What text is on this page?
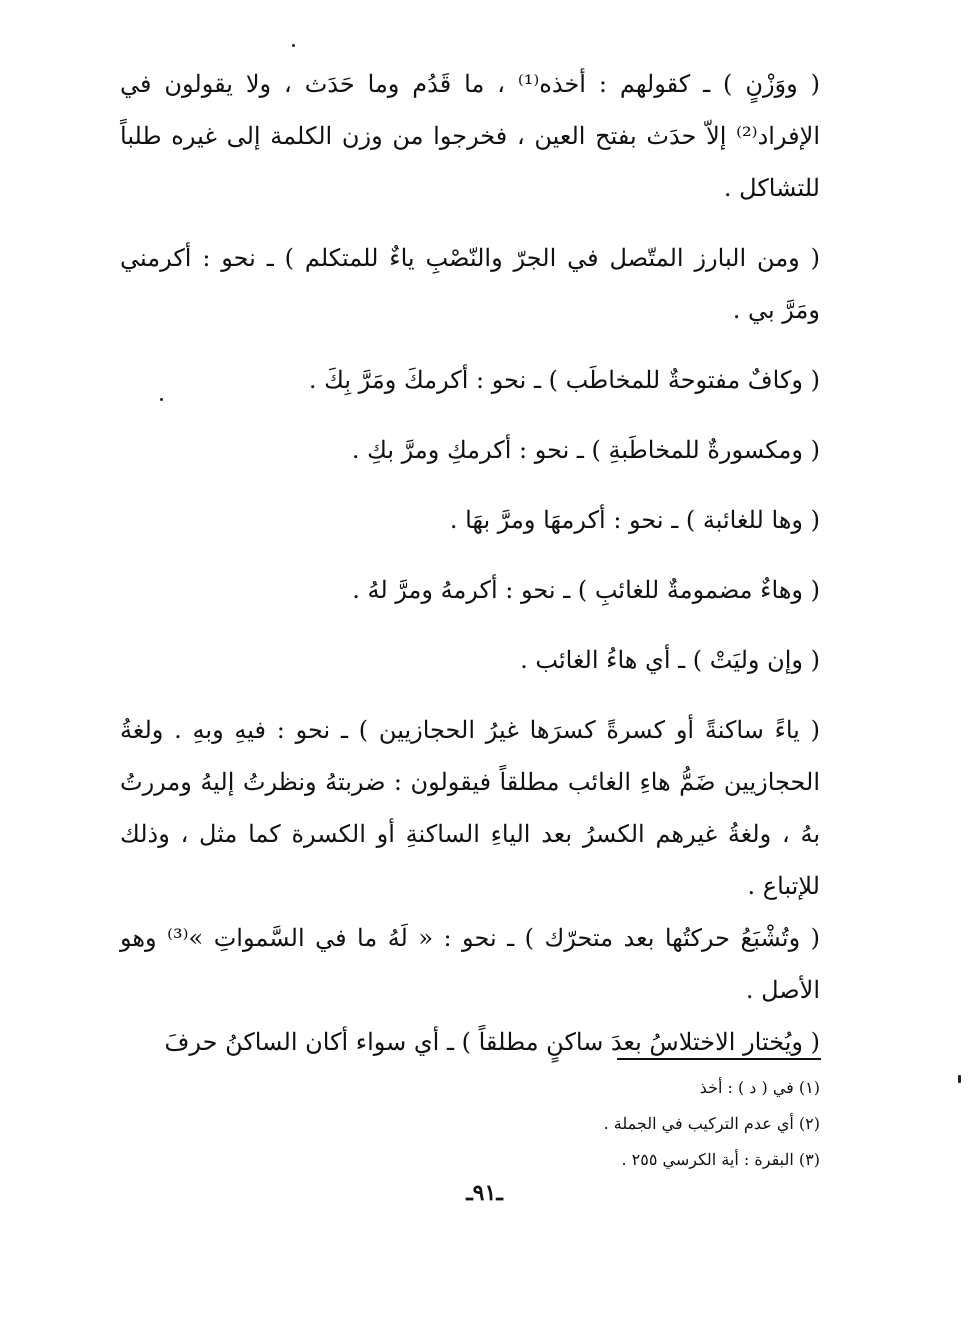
( ووَزْنٍ ) ـ كقولهم : أخذه⁽¹⁾ ، ما قَدُم وما حَدَث ، ولا يقولون في الإفراد⁽²⁾ إلاّ حدَث بفتح العين ، فخرجوا من وزن الكلمة إلى غيره طلباً للتشاكل .

( ومن البارز المتّصل في الجرّ والنّصْبِ ياءٌ للمتكلم ) ـ نحو : أكرمني ومَرَّ بي .

( وكافٌ مفتوحةٌ للمخاطَب ) ـ نحو : أكرمكَ ومَرَّ بِكَ .

( ومكسورةٌ للمخاطَبةِ ) ـ نحو : أكرمكِ ومرَّ بكِ .

( وها للغائبة ) ـ نحو : أكرمهَا ومرَّ بهَا .

( وهاءٌ مضمومةٌ للغائبِ ) ـ نحو : أكرمهُ ومرَّ لهُ .

( وإن وليَتْ ) ـ أي هاءُ الغائب .

( ياءً ساكنةً أو كسرةً كسرَها غيرُ الحجازيين ) ـ نحو : فيهِ وبهِ . ولغةُ الحجازيين ضَمُّ هاءِ الغائب مطلقاً فيقولون : ضربتهُ ونظرتُ إليهُ ومررتُ بهُ ، ولغةُ غيرهم الكسرُ بعد الياءِ الساكنةِ أو الكسرة كما مثل ، وذلك للإتباع .

( وتُشْبَعُ حركتُها بعد متحرّك ) ـ نحو : « لَهُ ما في السَّمواتِ »⁽³⁾ وهو الأصل .

( ويُختار الاختلاسُ بعدَ ساكنٍ مطلقاً ) ـ أي سواء أكان الساكنُ حرفَ

(١) في ( د ) : أخذ

(٢) أي عدم التركيب في الجملة .

(٣) البقرة : أية الكرسي ٢٥٥ .

ـ٩١ـ
